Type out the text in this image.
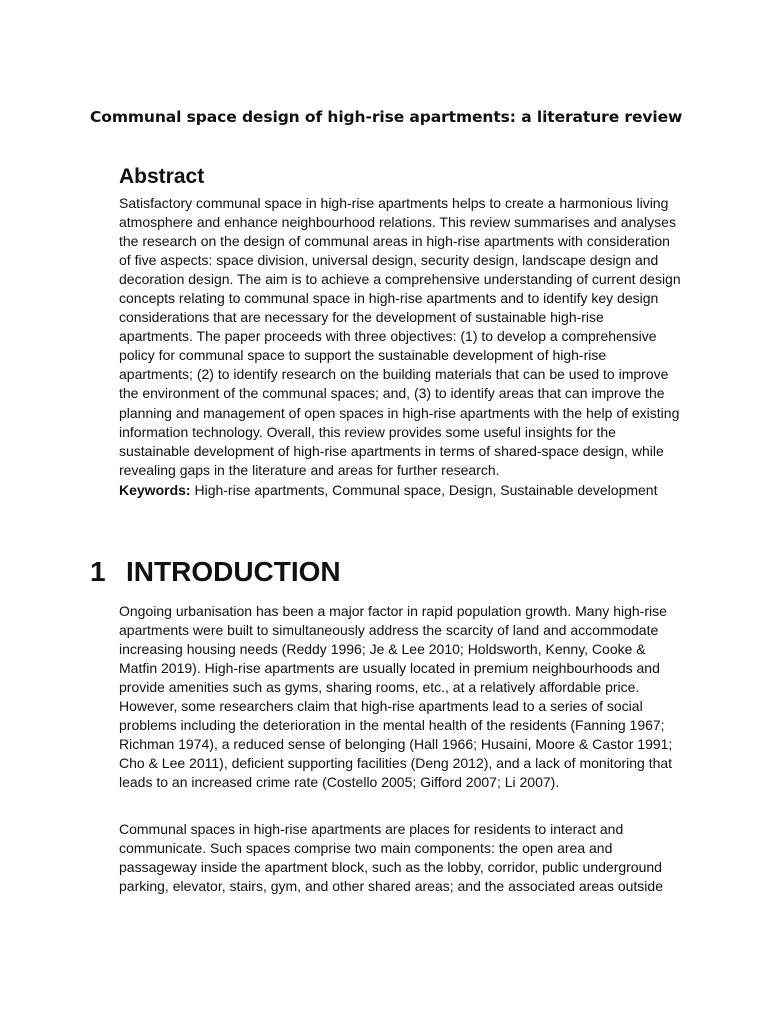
Communal space design of high-rise apartments: a literature review
Abstract
Satisfactory communal space in high-rise apartments helps to create a harmonious living
atmosphere and enhance neighbourhood relations. This review summarises and analyses
the research on the design of communal areas in high-rise apartments with consideration
of five aspects: space division, universal design, security design, landscape design and
decoration design. The aim is to achieve a comprehensive understanding of current design
concepts relating to communal space in high-rise apartments and to identify key design
considerations that are necessary for the development of sustainable high-rise
apartments. The paper proceeds with three objectives: (1) to develop a comprehensive
policy for communal space to support the sustainable development of high-rise
apartments; (2) to identify research on the building materials that can be used to improve
the environment of the communal spaces; and, (3) to identify areas that can improve the
planning and management of open spaces in high-rise apartments with the help of existing
information technology. Overall, this review provides some useful insights for the
sustainable development of high-rise apartments in terms of shared-space design, while
revealing gaps in the literature and areas for further research.
Keywords: High-rise apartments, Communal space, Design, Sustainable development
1 INTRODUCTION
Ongoing urbanisation has been a major factor in rapid population growth. Many high-rise
apartments were built to simultaneously address the scarcity of land and accommodate
increasing housing needs (Reddy 1996; Je & Lee 2010; Holdsworth, Kenny, Cooke &
Matfin 2019). High-rise apartments are usually located in premium neighbourhoods and
provide amenities such as gyms, sharing rooms, etc., at a relatively affordable price.
However, some researchers claim that high-rise apartments lead to a series of social
problems including the deterioration in the mental health of the residents (Fanning 1967;
Richman 1974), a reduced sense of belonging (Hall 1966; Husaini, Moore & Castor 1991;
Cho & Lee 2011), deficient supporting facilities (Deng 2012), and a lack of monitoring that
leads to an increased crime rate (Costello 2005; Gifford 2007; Li 2007).
Communal spaces in high-rise apartments are places for residents to interact and
communicate. Such spaces comprise two main components: the open area and
passageway inside the apartment block, such as the lobby, corridor, public underground
parking, elevator, stairs, gym, and other shared areas; and the associated areas outside
